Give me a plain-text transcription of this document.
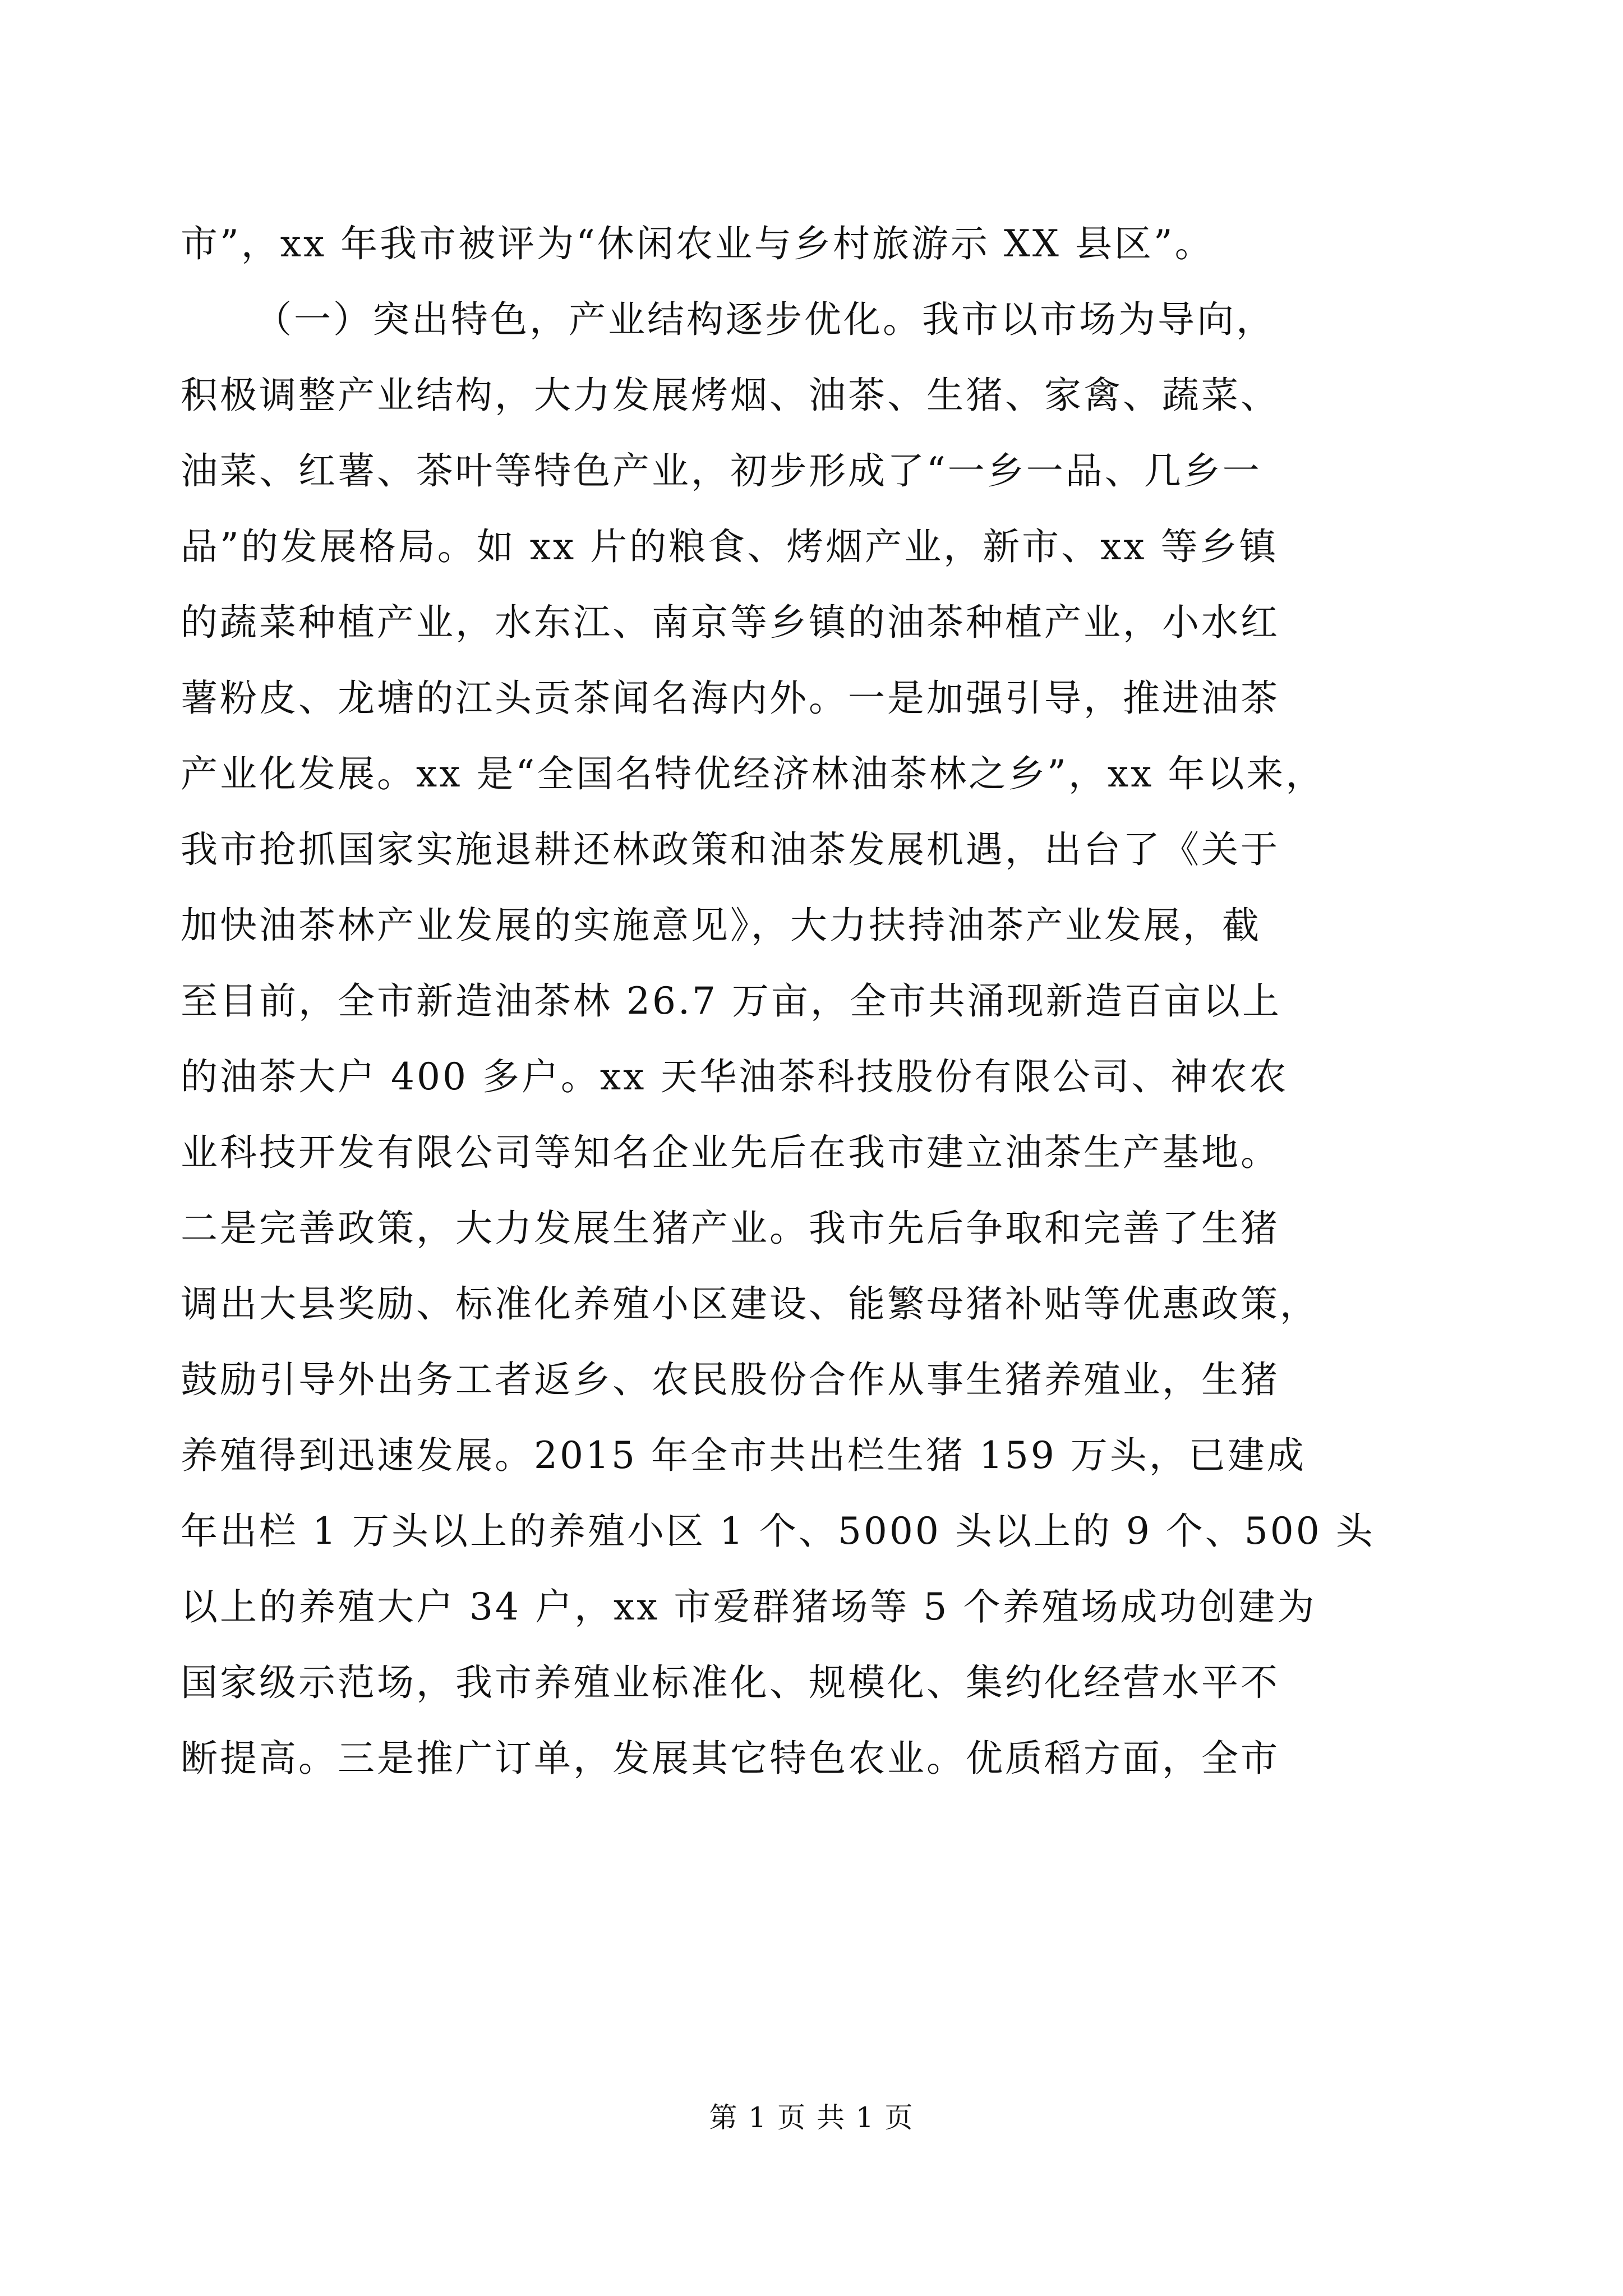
市”，xx 年我市被评为“休闲农业与乡村旅游示 XX 县区”。
（一）突出特色，产业结构逐步优化。我市以市场为导向，
积极调整产业结构，大力发展烤烟、油茶、生猪、家禽、蔬菜、
油菜、红薯、茶叶等特色产业，初步形成了“一乡一品、几乡一
品”的发展格局。如 xx 片的粮食、烤烟产业，新市、xx 等乡镇
的蔬菜种植产业，水东江、南京等乡镇的油茶种植产业，小水红
薯粉皮、龙塘的江头贡茶闻名海内外。一是加强引导，推进油茶
产业化发展。xx 是“全国名特优经济林油茶林之乡”，xx 年以来，
我市抢抓国家实施退耕还林政策和油茶发展机遇，出台了《关于
加快油茶林产业发展的实施意见》，大力扶持油茶产业发展，截
至目前，全市新造油茶林 26.7 万亩，全市共涌现新造百亩以上
的油茶大户 400 多户。xx 天华油茶科技股份有限公司、神农农
业科技开发有限公司等知名企业先后在我市建立油茶生产基地。
二是完善政策，大力发展生猪产业。我市先后争取和完善了生猪
调出大县奖励、标准化养殖小区建设、能繁母猪补贴等优惠政策，
鼓励引导外出务工者返乡、农民股份合作从事生猪养殖业，生猪
养殖得到迅速发展。2015 年全市共出栏生猪 159 万头，已建成
年出栏 1 万头以上的养殖小区 1 个、5000 头以上的 9 个、500 头
以上的养殖大户 34 户，xx 市爱群猪场等 5 个养殖场成功创建为
国家级示范场，我市养殖业标准化、规模化、集约化经营水平不
断提高。三是推广订单，发展其它特色农业。优质稻方面，全市
第 1 页 共 1 页
